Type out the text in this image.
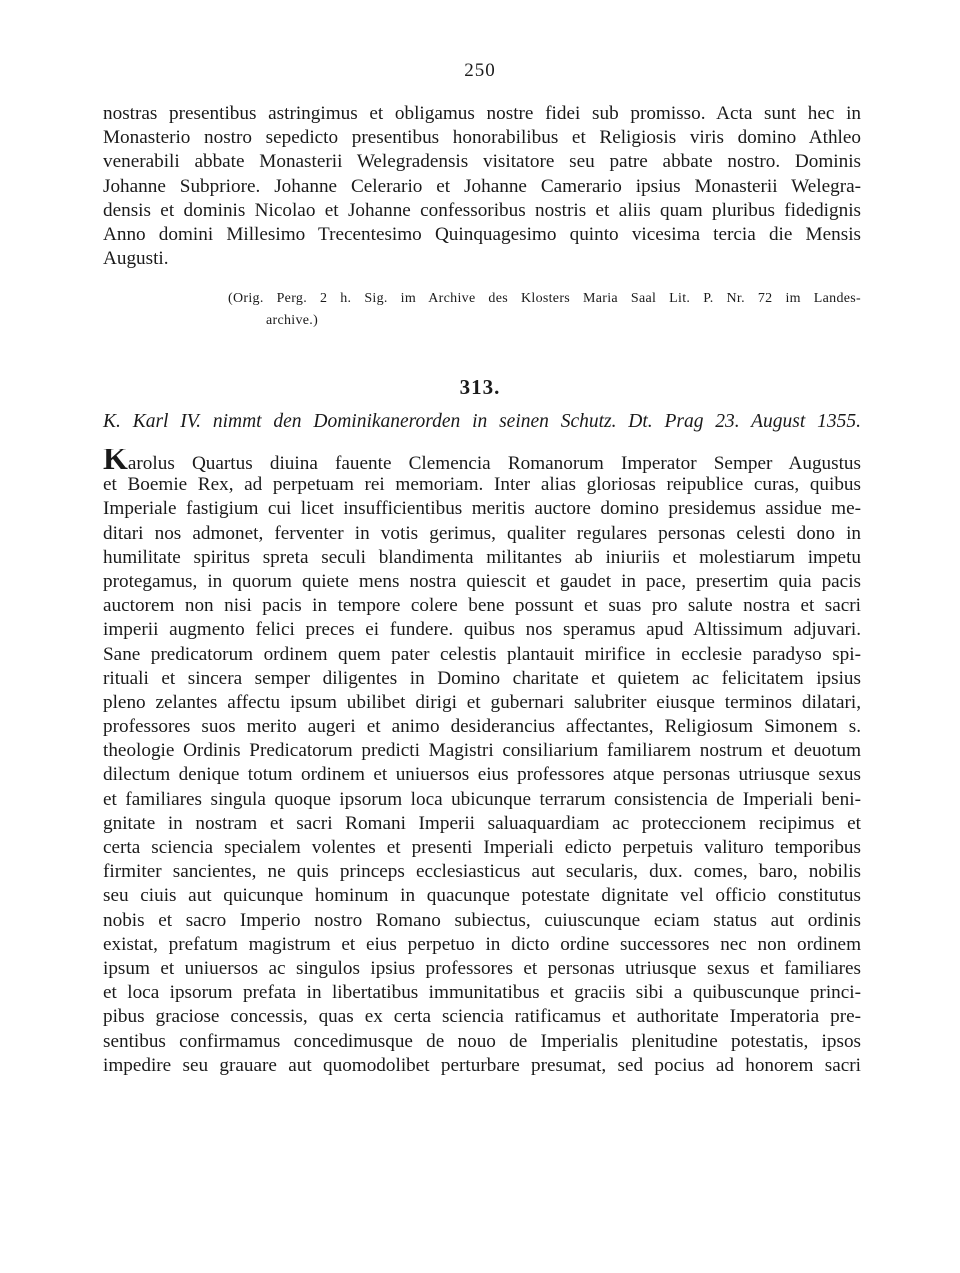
250
nostras presentibus astringimus et obligamus nostre fidei sub promisso. Acta sunt hec in
Monasterio nostro sepedicto presentibus honorabilibus et Religiosis viris domino Athleo
venerabili abbate Monasterii Welegradensis visitatore seu patre abbate nostro. Dominis
Johanne Subpriore. Johanne Celerario et Johanne Camerario ipsius Monasterii Welegra-
densis et dominis Nicolao et Johanne confessoribus nostris et aliis quam pluribus fidedignis
Anno domini Millesimo Trecentesimo Quinquagesimo quinto vicesima tercia die Mensis
Augusti.
(Orig. Perg. 2 h. Sig. im Archive des Klosters Maria Saal Lit. P. Nr. 72 im Landes-
archive.)
313.
K. Karl IV. nimmt den Dominikanerorden in seinen Schutz. Dt. Prag 23. August 1355.
Karolus Quartus diuina fauente Clemencia Romanorum Imperator Semper Augustus
et Boemie Rex, ad perpetuam rei memoriam. Inter alias gloriosas reipublice curas, quibus
Imperiale fastigium cui licet insufficientibus meritis auctore domino presidemus assidue me-
ditari nos admonet, ferventer in votis gerimus, qualiter regulares personas celesti dono in
humilitate spiritus spreta seculi blandimenta militantes ab iniuriis et molestiarum impetu
protegamus, in quorum quiete mens nostra quiescit et gaudet in pace, presertim quia pacis
auctorem non nisi pacis in tempore colere bene possunt et suas pro salute nostra et sacri
imperii augmento felici preces ei fundere. quibus nos speramus apud Altissimum adjuvari.
Sane predicatorum ordinem quem pater celestis plantauit mirifice in ecclesie paradyso spi-
rituali et sincera semper diligentes in Domino charitate et quietem ac felicitatem ipsius
pleno zelantes affectu ipsum ubilibet dirigi et gubernari salubriter eiusque terminos dilatari,
professores suos merito augeri et animo desiderancius affectantes, Religiosum Simonem s.
theologie Ordinis Predicatorum predicti Magistri consiliarium familiarem nostrum et deuotum
dilectum denique totum ordinem et uniuersos eius professores atque personas utriusque sexus
et familiares singula quoque ipsorum loca ubicunque terrarum consistencia de Imperiali beni-
gnitate in nostram et sacri Romani Imperii saluaquardiam ac proteccionem recipimus et
certa sciencia specialem volentes et presenti Imperiali edicto perpetuis valituro temporibus
firmiter sancientes, ne quis princeps ecclesiasticus aut secularis, dux. comes, baro, nobilis
seu ciuis aut quicunque hominum in quacunque potestate dignitate vel officio constitutus
nobis et sacro Imperio nostro Romano subiectus, cuiuscunque eciam status aut ordinis
existat, prefatum magistrum et eius perpetuo in dicto ordine successores nec non ordinem
ipsum et uniuersos ac singulos ipsius professores et personas utriusque sexus et familiares
et loca ipsorum prefata in libertatibus immunitatibus et graciis sibi a quibuscunque princi-
pibus graciose concessis, quas ex certa sciencia ratificamus et authoritate Imperatoria pre-
sentibus confirmamus concedimusque de nouo de Imperialis plenitudine potestatis, ipsos
impedire seu grauare aut quomodolibet perturbare presumat, sed pocius ad honorem sacri
